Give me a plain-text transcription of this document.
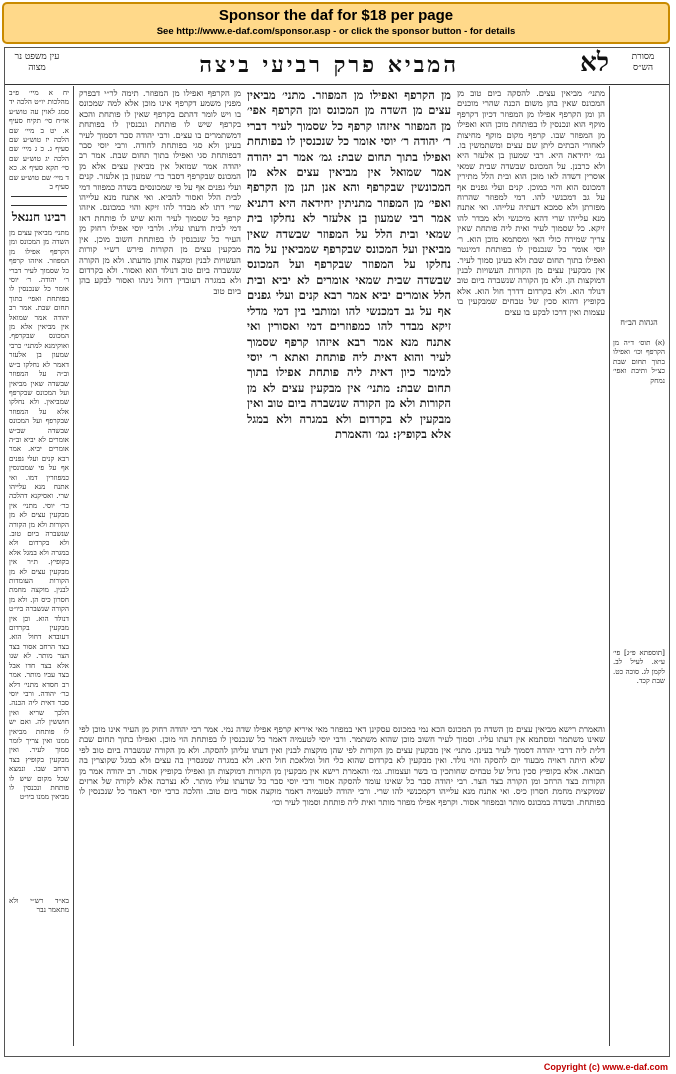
Sponsor the daf for $18 per page
See http://www.e-daf.com/sponsor.asp - or click the sponsor button - for details
מסורת הש״ס
לא
המביא פרק רביעי ביצה
עין משפט נר מצוה
יח א מיי׳ פ״ב מהלכות יו״ט הלכה יד סמג לאוין עה טוש״ע או״ח סי׳ תקיח סעיף א. יט ב מיי׳ שם הלכה יז טוש״ע שם סעיף ג. כ ג מיי׳ שם הלכה יג טוש״ע שם סי׳ תקא סעיף א. כא ד מיי׳ שם טוש״ע שם סעיף ב
רבינו חננאל
מתני׳ מביאין עצים מן השדה מן המכונס ומן הקרפף אפילו מן המפוזר. איזהו קרפף כל שסמוך לעיר דברי ר׳ יהודה. ר׳ יוסי אומר כל שנכנסין לו בפותחת ואפי׳ בתוך תחום שבת. אמר רב יהודה אמר שמואל אין מביאין אלא מן המכונס שבקרפף. ואוקימנא למתני׳ כרבי שמעון בן אלעזר דאמר לא נחלקו ב״ש וב״ה על המפוזר שבשדה שאין מביאין ועל המכונס שבקרפף שמביאין. ולא נחלקו אלא על המפוזר שבקרפף ועל המכונס שבשדה שב״ש אומרים לא יביא וב״ה אומרים יביא. אמר רבא קנים ועלי גפנים אף על פי שמכונסין כמפוזרין דמו. ואי אתנח מנא עלייהו שרי. ואסיקנא דהלכה כר׳ יוסי. מתני׳ אין מבקעין עצים לא מן הקורות ולא מן הקורה שנשברה ביום טוב. ולא בקרדום ולא במגרה ולא במגל אלא בקופיץ. ת״ר אין מבקעין עצים לא מן הקורות העומדות לבנין. מוקצה מחמת חסרון כיס הן. ולא מן הקורה שנשברה ביו״ט דנולד הוא. וכן אין מבקעין בקרדום דעובדא דחול הוא. בצד הרחב אסור בצד הצר מותר. לא שנו אלא בצד חדו אבל בצד עביו מותר. אמר רב חסדא מתני׳ דלא כר׳ יהודה. ורבי יוסי סבר דאית ליה הכנה. הלכך שריא ואין חוששין לה. ואם יש לו פותחת מביאין ממנו ואין צריך לומר סמוך לעיר. ואין מבקעין בקופיץ בצד הרחב שבו. ונמצא שכל מקום שיש לו פותחת ונכנסין לו מביאין ממנו ביו״ט
בא״ד רש״י ולא מתאמר נבר
[תוספתא פ״ג] פי׳ ע״א. לעיל לב. לקמן לג. סוכה כט. שבת קכד.
הגהות הב״ח
(א) תוס׳ ד״ה מן הקרפף וכו׳ ואפילו בתוך תחום שבת כצ״ל ותיבת ואפי׳ נמחק
מן הקרפף ואפילו מן המפוזר. תימה לר״י דבפרק מפנין משמע דקרפף אינו מוכן אלא למה שמכונס בו ויש לומר דהתם בקרפף שאין לו פותחת והכא בקרפף שיש לו פותחת ונכנסין לו בפותחת דמשתמרים בו עצים. ורבי יהודה סבר דסמוך לעיר בעינן ולא סגי בפותחת לחודה. ורבי יוסי סבר דבפותחת סגי ואפילו בתוך תחום שבת. אמר רב יהודה אמר שמואל אין מביאין עצים אלא מן המכונס שבקרפף דסבר כר׳ שמעון בן אלעזר. קנים ועלי גפנים אף על פי שמכונסים בשדה כמפוזר דמי לבית הלל ואסור להביא. ואי אתנח מנא עלייהו שרי דתו לא מבדר להו זיקא והוי כמכונס. איזהו קרפף כל שסמוך לעיר והוא שיש לו פותחת דאז דמי לבית ודעתו עליו. ולרבי יוסי אפילו רחוק מן העיר כל שנכנסין לו בפותחת חשוב מוכן. אין מבקעין עצים מן הקורות פירש רש״י קורות העשויות לבנין ומקצה אותן מדעתו. ולא מן הקורה שנשברה ביום טוב דנולד הוא ואסור. ולא בקרדום ולא במגרה דעובדין דחול נינהו ואסור לבקע בהן ביום טוב
מתני׳ מביאין עצים. להסקה ביום טוב מן המכונס שאין בהן משום הכנה שהרי מוכנים הן ומן הקרפף אפילו מן המפוזר דכיון דקרפף מוקף הוא ונכנסין לו בפותחת מוכן הוא ואפילו מן המפוזר שבו. קרפף מקום מוקף מחיצות לאחורי הבתים ליתן שם עצים ומשתמשין בו. גמ׳ יחידאה היא. רבי שמעון בן אלעזר היא ולא כרבנן. על המכונס שבשדה שבית שמאי אוסרין דשדה לאו מוכן הוא ובית הלל מתירין דמכונס הוא והוי כמוכן. קנים ועלי גפנים אף על גב דמכנשי להו. דמי למפוזר שהרוח מפזרתן ולא סמכא דעתיה עלייהו. ואי אתנח מנא עלייהו שרי דהא מיכנשי ולא מבדר להו זיקא. כל שסמוך לעיר ואית ליה פותחת שאין צריך שמירה כולי האי ומסתמא מוכן הוא. ר׳ יוסי אומר כל שנכנסין לו בפותחת דמינטר ואפילו בתוך תחום שבת ולא בעינן סמוך לעיר. אין מבקעין עצים מן הקורות העשויות לבנין דמוקצות הן. ולא מן הקורה שנשברה ביום טוב דנולד הוא. ולא בקרדום דדרך חול הוא. אלא בקופיץ דהוא סכין של טבחים שמבקעין בו עצמות ואין דרכו לבקע בו עצים
מן הקרפף ואפילו מן המפוזר. מתני׳ מביאין עצים מן השדה מן המכונס ומן הקרפף אפי׳ מן המפוזר איזהו קרפף כל שסמוך לעיר דברי ר׳ יהודה ר׳ יוסי אומר כל שנכנסין לו בפותחת ואפילו בתוך תחום שבת: גמ׳ אמר רב יהודה אמר שמואל אין מביאין עצים אלא מן המכונשין שבקרפף והא אנן תנן מן הקרפף ואפי׳ מן המפוזר מתניתין יחידאה היא דתניא אמר רבי שמעון בן אלעזר לא נחלקו בית שמאי ובית הלל על המפוזר שבשדה שאין מביאין ועל המכונס שבקרפף שמביאין על מה נחלקו על המפוזר שבקרפף ועל המכונס שבשדה שבית שמאי אומרים לא יביא ובית הלל אומרים יביא אמר רבא קנים ועלי גפנים אף על גב דמכנשי להו ומותבי בין דמי מדלי זיקא מבדר להו כמפוזרים דמי ואסורין ואי אתנח מנא אמר רבא איזהו קרפף שסמוך לעיר והוא דאית ליה פותחת ואתא ר׳ יוסי למימר כיון דאית ליה פותחת אפילו בתוך תחום שבת: מתני׳ אין מבקעין עצים לא מן הקורות ולא מן הקורה שנשברה ביום טוב ואין מבקעין לא בקרדום ולא במגרה ולא במגל אלא בקופיץ: גמ׳ והאמרת
והאמרת רישא מביאין עצים מן השדה מן המכונס הכא נמי במכונס עסקינן דאי במפוזר מאי איריא קרפף אפילו שדה נמי. אמר רבי יהודה רחוק מן העיר אינו מוכן לפי שאינו משתמר ומסתמא אין דעתו עליו. וסמוך לעיר חשוב מוכן שהוא משתמר. ורבי יוסי לטעמיה דאמר כל שנכנסין לו בפותחת הוי מוכן. ואפילו בתוך תחום שבת דלית ליה דרבי יהודה דסמוך לעיר בעינן. מתני׳ אין מבקעין עצים מן הקורות לפי שהן מוקצות לבנין ואין דעתו עליהן להסקה. ולא מן הקורה שנשברה ביום טוב לפי שלא היתה ראויה מבעוד יום להסקה והוי נולד. ואין מבקעין לא בקרדום שהוא כלי חול ומלאכת חול היא. ולא במגרה שמנסרין בה עצים ולא במגל שקוצרין בה תבואה. אלא בקופיץ סכין גדול של טבחים שחותכין בו בשר ועצמות. גמ׳ והאמרת רישא אין מבקעין מן הקורות דמוקצות הן ואפילו בקופיץ אסור. רב יהודה אמר מן הקורות בצד הרחב ומן הקורה בצד הצר. רבי יהודה סבר כל שאינו עומד להסקה אסור ורבי יוסי סבר כל שדעתו עליו מותר. לא נצרכה אלא לקורה של ארזים שמוקצית מחמת חסרון כיס. ואי אתנח מנא עלייהו דקמכנשי להו שרי. ורבי יהודה לטעמיה דאמר מוקצה אסור ביום טוב. והלכה כרבי יוסי דאמר כל שנכנסין לו בפותחת. ובשדה במכונס מותר ובמפוזר אסור. וקרפף אפילו מפוזר מותר ואית ליה פותחת וסמוך לעיר וכו׳
Copyright (c) www.e-daf.com
